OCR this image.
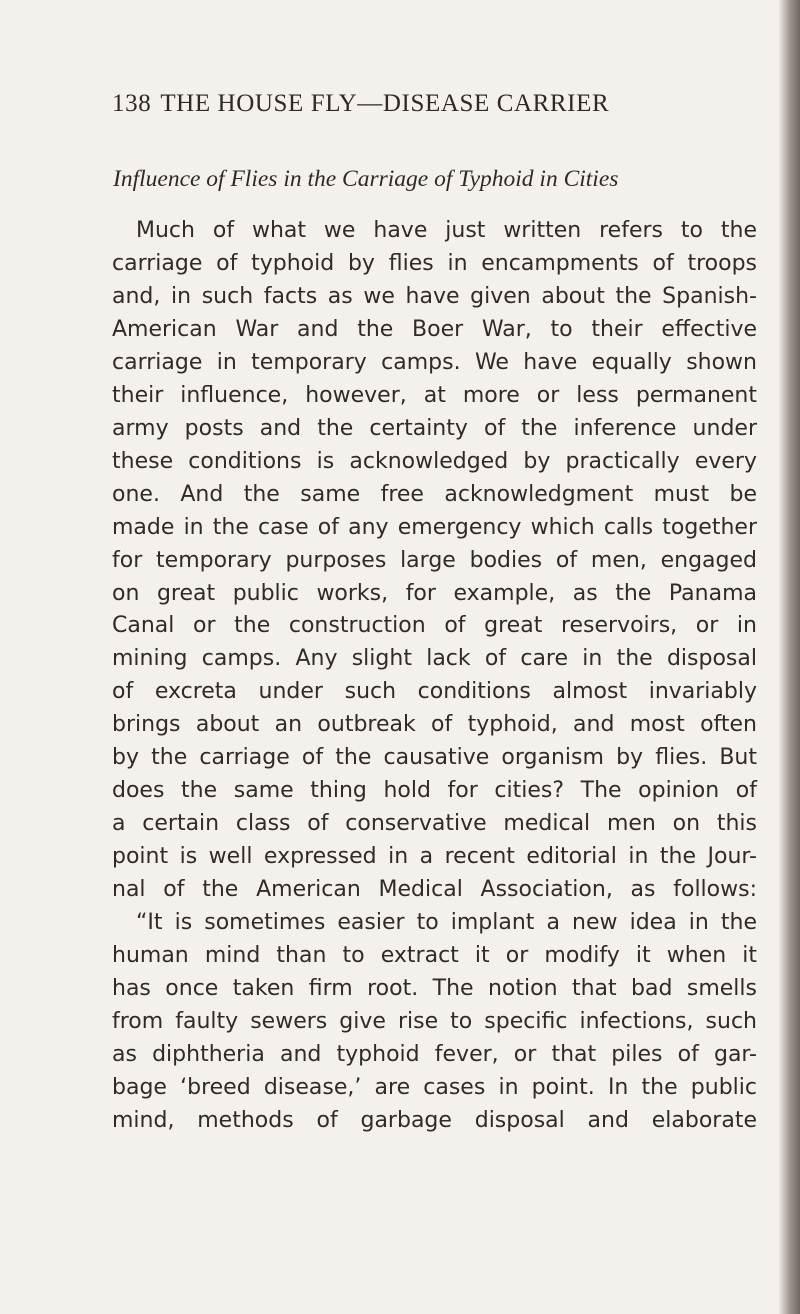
138 THE HOUSE FLY—DISEASE CARRIER
Influence of Flies in the Carriage of Typhoid in Cities

Much of what we have just written refers to the

carriage of typhoid by flies in encampments of troops

and, in such facts as we have given about the Spanish-

American War and the Boer War, to their effective

carriage in temporary camps. We have equally shown

their influence, however, at more or less permanent

army posts and the certainty of the inference under

these conditions is acknowledged by practically every

one. And the same free acknowledgment must be

made in the case of any emergency which calls together

for temporary purposes large bodies of men, engaged

on great public works, for example, as the Panama

Canal or the construction of great reservoirs, or in

mining camps. Any slight lack of care in the disposal

of excreta under such conditions almost invariably

brings about an outbreak of typhoid, and most often

by the carriage of the causative organism by flies. But

does the same thing hold for cities? The opinion of

a certain class of conservative medical men on this

point is well expressed in a recent editorial in the Jour-

nal of the American Medical Association, as follows:

“It is sometimes easier to implant a new idea in the

human mind than to extract it or modify it when it

has once taken firm root. The notion that bad smells

from faulty sewers give rise to specific infections, such

as diphtheria and typhoid fever, or that piles of gar-

bage ‘breed disease,’ are cases in point. In the public

mind, methods of garbage disposal and elaborate
